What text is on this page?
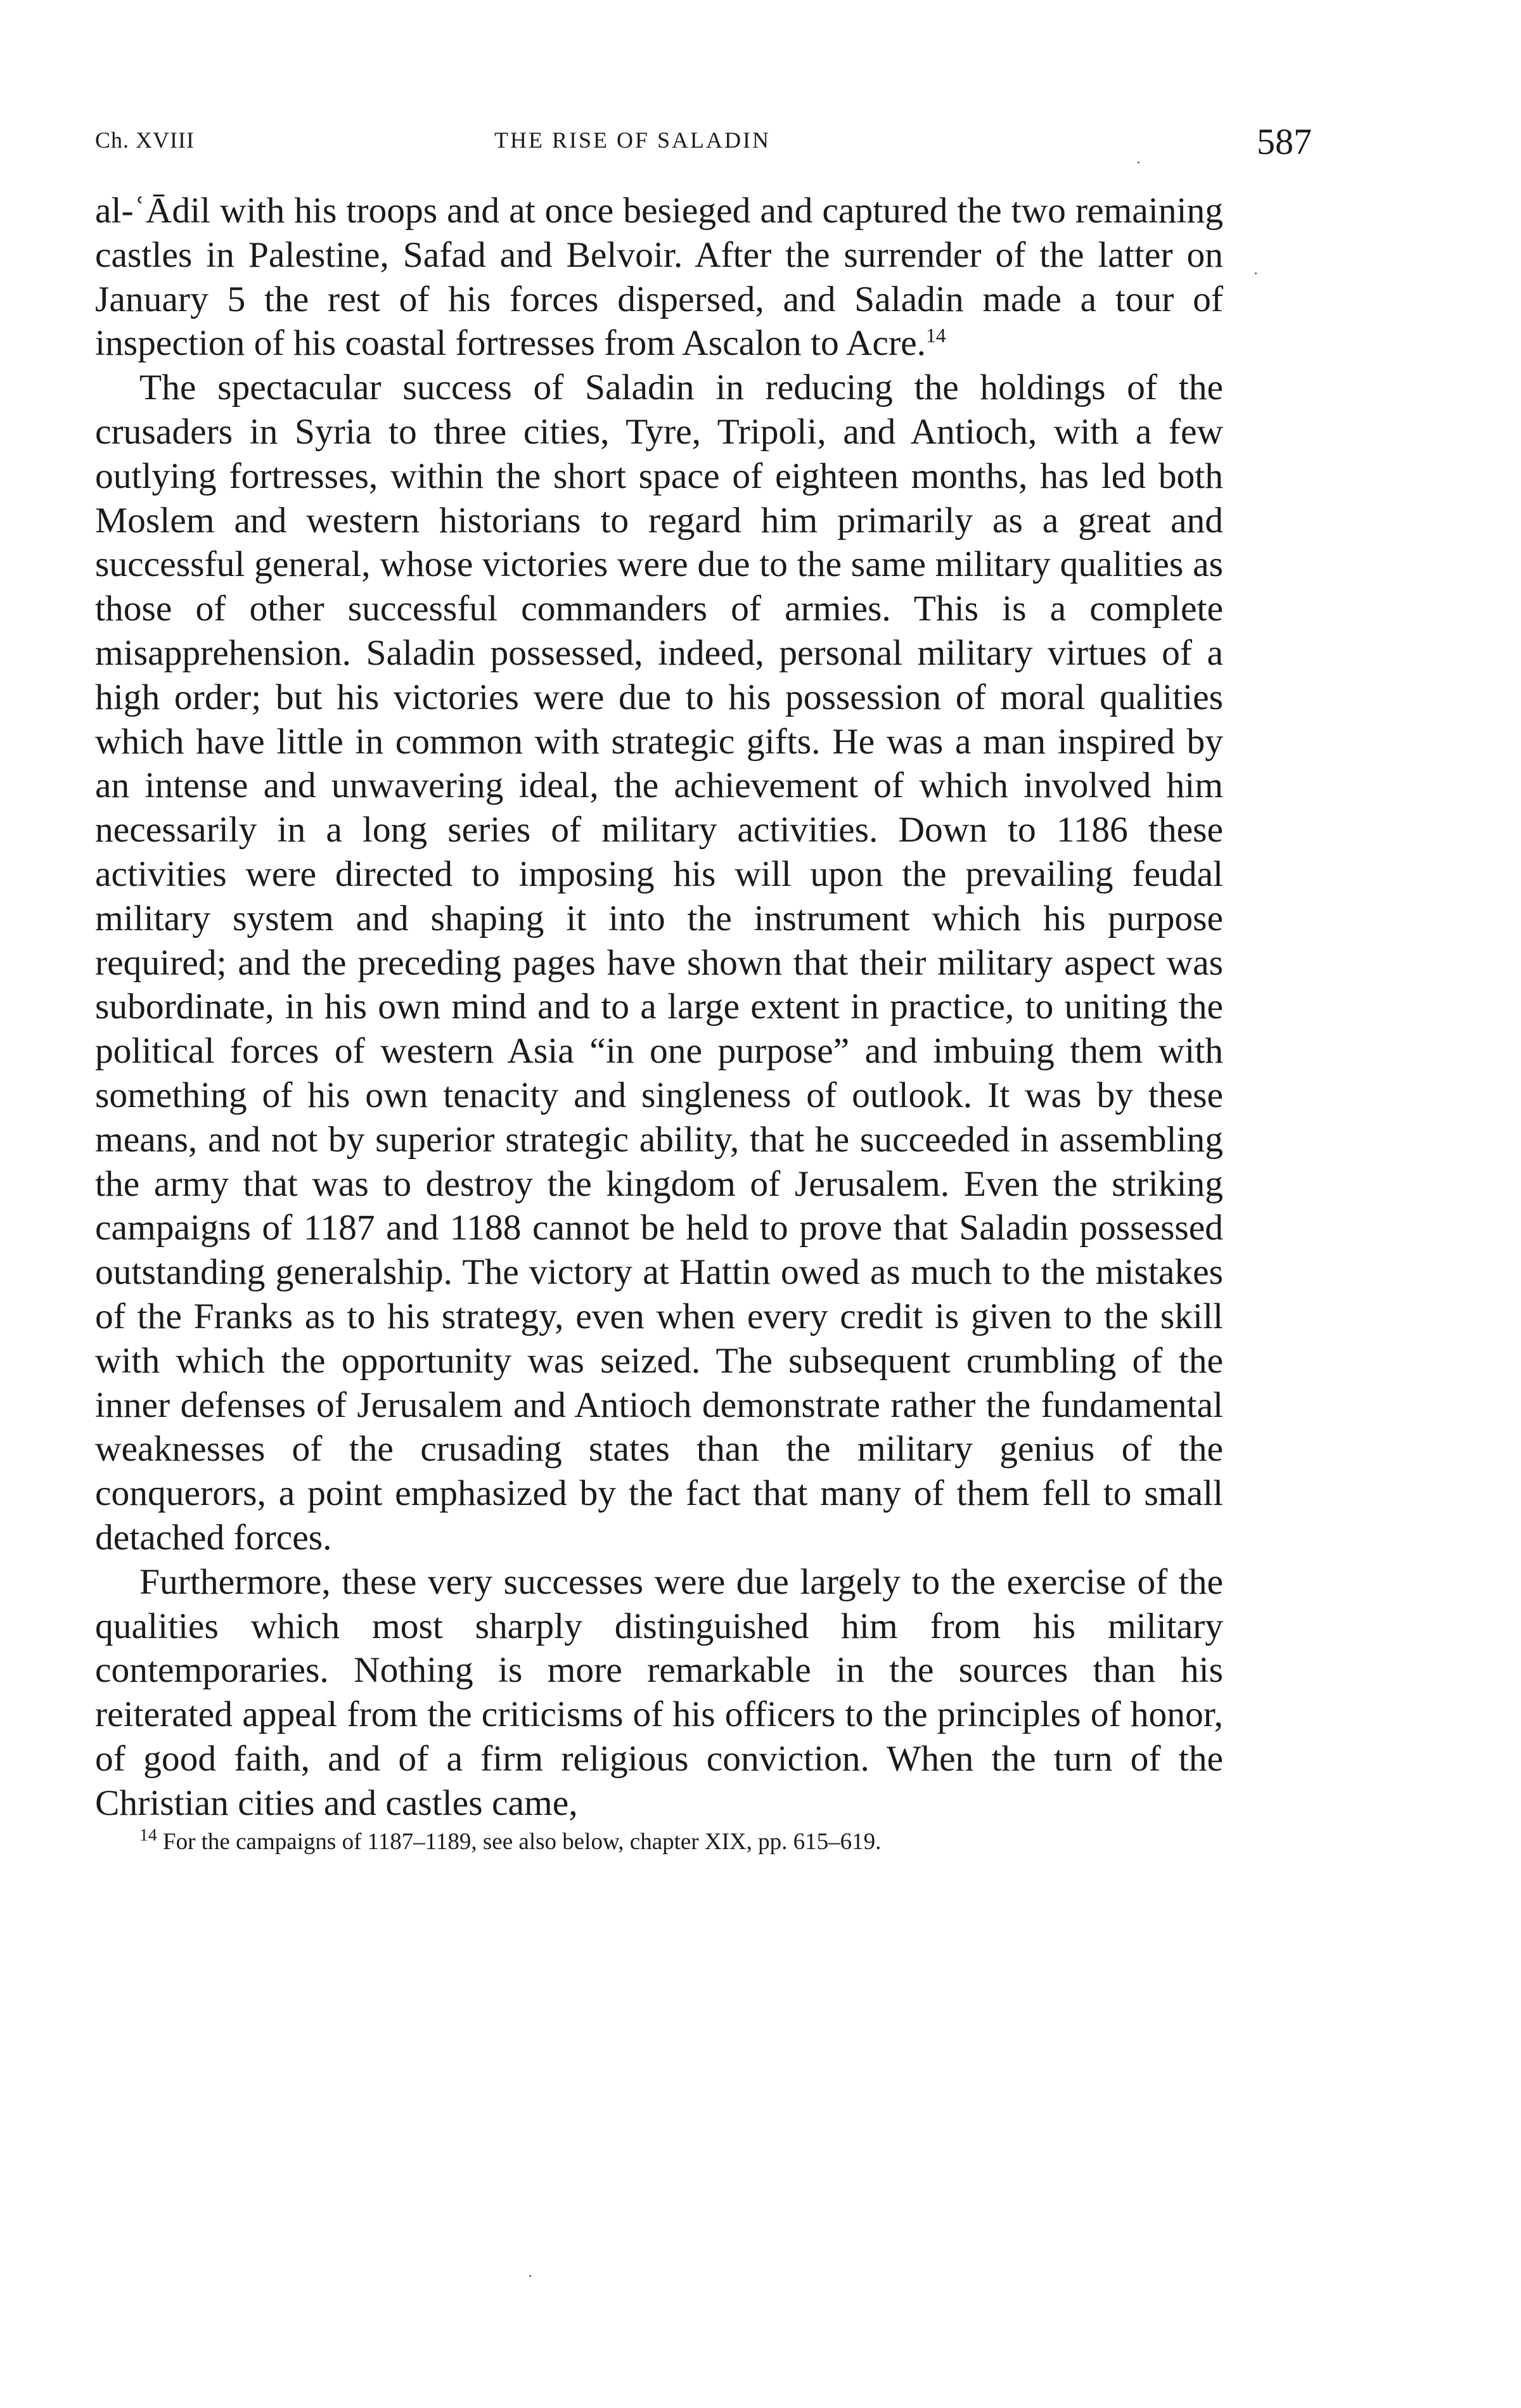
Ch. XVIII	THE RISE OF SALADIN	587

al-ʿĀdil with his troops and at once besieged and captured the two remaining castles in Palestine, Safad and Belvoir. After the surrender of the latter on January 5 the rest of his forces dispersed, and Saladin made a tour of inspection of his coastal fortresses from Ascalon to Acre.$^{14}$

The spectacular success of Saladin in reducing the holdings of the crusaders in Syria to three cities, Tyre, Tripoli, and Antioch, with a few outlying fortresses, within the short space of eighteen months, has led both Moslem and western historians to regard him primarily as a great and successful general, whose victories were due to the same military qualities as those of other successful commanders of armies. This is a complete misapprehension. Saladin possessed, indeed, personal military virtues of a high order; but his victories were due to his possession of moral qualities which have little in common with strategic gifts. He was a man inspired by an intense and unwavering ideal, the achievement of which involved him necessarily in a long series of military activities. Down to 1186 these activities were directed to imposing his will upon the prevailing feudal military system and shaping it into the instrument which his purpose required; and the preceding pages have shown that their military aspect was subordinate, in his own mind and to a large extent in practice, to uniting the political forces of western Asia “in one purpose” and imbuing them with something of his own tenacity and singleness of outlook. It was by these means, and not by superior strategic ability, that he succeeded in assembling the army that was to destroy the kingdom of Jerusalem. Even the striking campaigns of 1187 and 1188 cannot be held to prove that Saladin possessed outstanding generalship. The victory at Hattin owed as much to the mistakes of the Franks as to his strategy, even when every credit is given to the skill with which the opportunity was seized. The subsequent crumbling of the inner defenses of Jerusalem and Antioch demonstrate rather the fundamental weaknesses of the crusading states than the military genius of the conquerors, a point emphasized by the fact that many of them fell to small detached forces.

Furthermore, these very successes were due largely to the exercise of the qualities which most sharply distinguished him from his military contemporaries. Nothing is more remarkable in the sources than his reiterated appeal from the criticisms of his officers to the principles of honor, of good faith, and of a firm religious conviction. When the turn of the Christian cities and castles came,

$^{14}$ For the campaigns of 1187–1189, see also below, chapter XIX, pp. 615–619.
